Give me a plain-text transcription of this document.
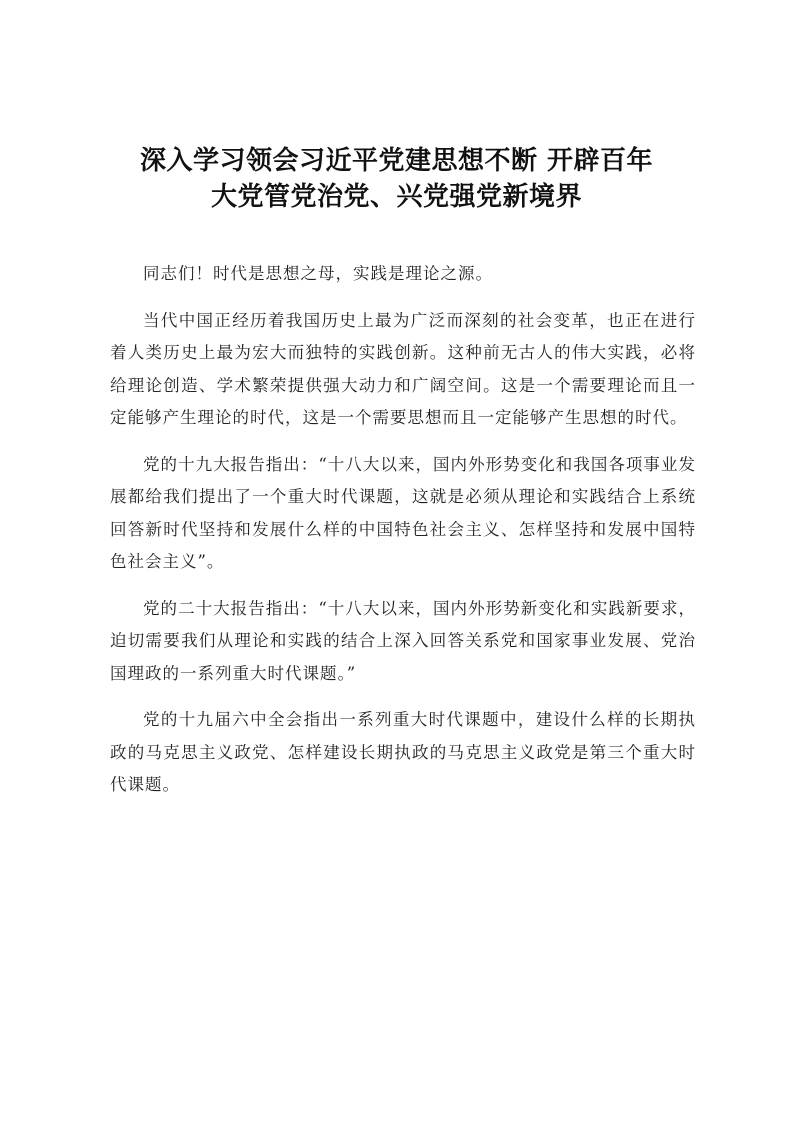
深入学习领会习近平党建思想不断 开辟百年
大党管党治党、兴党强党新境界

同志们！时代是思想之母，实践是理论之源。

当代中国正经历着我国历史上最为广泛而深刻的社会变革，也正在进行着人类历史上最为宏大而独特的实践创新。这种前无古人的伟大实践，必将给理论创造、学术繁荣提供强大动力和广阔空间。这是一个需要理论而且一定能够产生理论的时代，这是一个需要思想而且一定能够产生思想的时代。

党的十九大报告指出：“十八大以来，国内外形势变化和我国各项事业发展都给我们提出了一个重大时代课题，这就是必须从理论和实践结合上系统回答新时代坚持和发展什么样的中国特色社会主义、怎样坚持和发展中国特色社会主义”。

党的二十大报告指出：“十八大以来，国内外形势新变化和实践新要求，迫切需要我们从理论和实践的结合上深入回答关系党和国家事业发展、党治国理政的一系列重大时代课题。”

党的十九届六中全会指出一系列重大时代课题中，建设什么样的长期执政的马克思主义政党、怎样建设长期执政的马克思主义政党是第三个重大时代课题。
